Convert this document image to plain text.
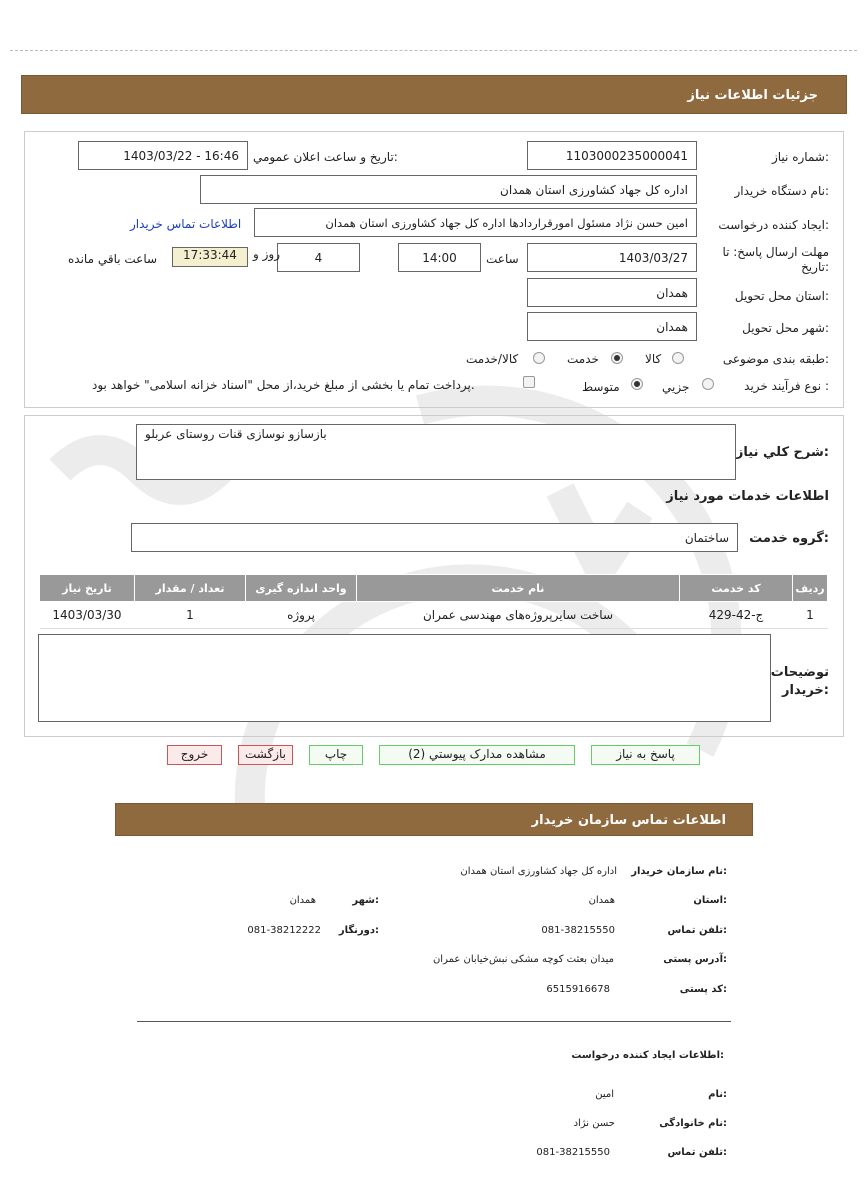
جزئیات اطلاعات نیاز
شماره نیاز:
1103000235000041
تاریخ و ساعت اعلان عمومي:
1403/03/22 - 16:46
نام دستگاه خریدار:
اداره کل جهاد کشاورزی استان همدان
ایجاد کننده درخواست:
امین حسن نژاد مسئول امورقراردادها اداره کل جهاد کشاورزی استان همدان
اطلاعات تماس خریدار
مهلت ارسال پاسخ: تا تاریخ:
1403/03/27
ساعت
14:00
4
روز و
17:33:44
ساعت باقي مانده
استان محل تحویل:
همدان
شهر محل تحویل:
همدان
طبقه بندی موضوعی:
کالا
خدمت
کالا/خدمت
نوع فرآیند خرید :
جزیي
متوسط
پرداخت تمام یا بخشی از مبلغ خرید،از محل "اسناد خزانه اسلامی" خواهد بود.
شرح كلي نیاز:
بازسازو نوسازی قنات روستای عربلو
اطلاعات خدمات مورد نیاز
گروه خدمت:
ساختمان
ردیف	کد خدمت	نام خدمت	واحد اندازه گیری	تعداد / مقدار	تاریخ نیاز
1	ج-42-429	ساخت سایرپروژه‌های مهندسی عمران	پروژه	1	1403/03/30
توضیحات خریدار:
پاسخ به نیاز
مشاهده مدارک پیوستي (2)
چاپ
بازگشت
خروج
اطلاعات تماس سازمان خریدار
نام سازمان خریدار:
اداره کل جهاد کشاورزی استان همدان
استان:
همدان
شهر:
همدان
تلفن تماس:
081-38215550
دورنگار:
081-38212222
آدرس پستی:
میدان بعثت کوچه مشکی نبش‌خیابان عمران
کد پستی:
6515916678
اطلاعات ایجاد کننده درخواست:
نام:
امین
نام خانوادگی:
حسن نژاد
تلفن تماس:
081-38215550
